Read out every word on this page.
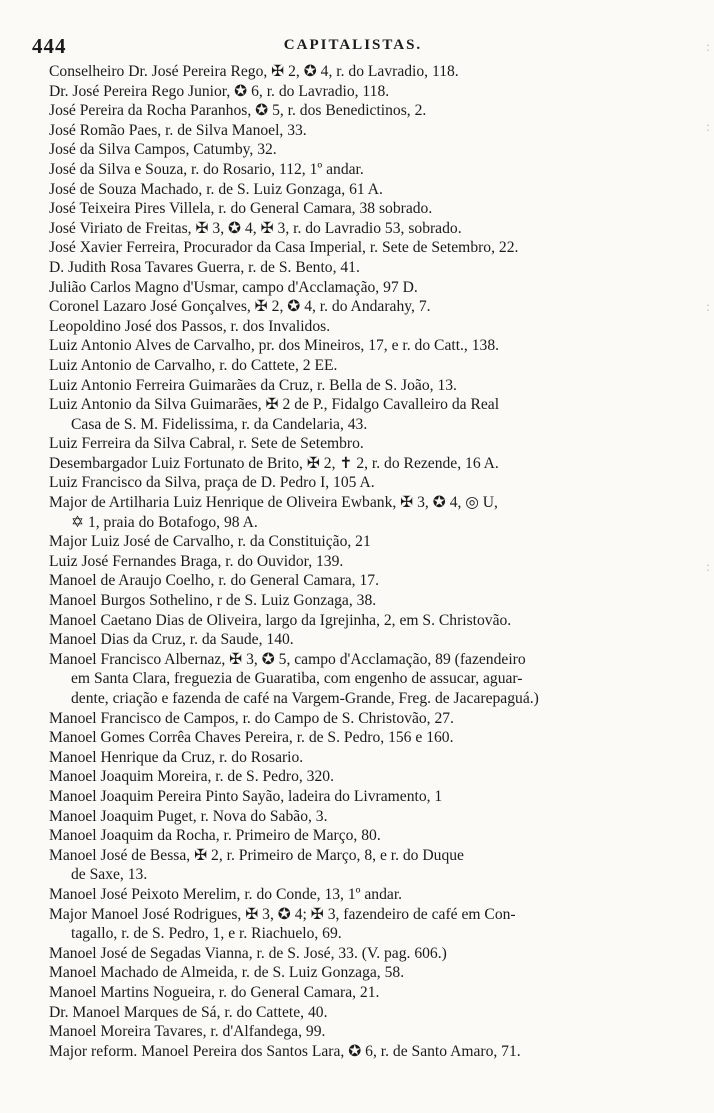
444	CAPITALISTAS.
Conselheiro Dr. José Pereira Rego, ✠ 2, ✪ 4, r. do Lavradio, 118.
Dr. José Pereira Rego Junior, ✪ 6, r. do Lavradio, 118.
José Pereira da Rocha Paranhos, ✪ 5, r. dos Benedictinos, 2.
José Romão Paes, r. de Silva Manoel, 33.
José da Silva Campos, Catumby, 32.
José da Silva e Souza, r. do Rosario, 112, 1º andar.
José de Souza Machado, r. de S. Luiz Gonzaga, 61 A.
José Teixeira Pires Villela, r. do General Camara, 38 sobrado.
José Viriato de Freitas, ✠ 3, ✪ 4, ✠ 3, r. do Lavradio 53, sobrado.
José Xavier Ferreira, Procurador da Casa Imperial, r. Sete de Setembro, 22.
D. Judith Rosa Tavares Guerra, r. de S. Bento, 41.
Julião Carlos Magno d'Usmar, campo d'Acclamação, 97 D.
Coronel Lazaro José Gonçalves, ✠ 2, ✪ 4, r. do Andarahy, 7.
Leopoldino José dos Passos, r. dos Invalidos.
Luiz Antonio Alves de Carvalho, pr. dos Mineiros, 17, e r. do Catt., 138.
Luiz Antonio de Carvalho, r. do Cattete, 2 EE.
Luiz Antonio Ferreira Guimarães da Cruz, r. Bella de S. João, 13.
Luiz Antonio da Silva Guimarães, ✠ 2 de P., Fidalgo Cavalleiro da Real
Casa de S. M. Fidelissima, r. da Candelaria, 43.
Luiz Ferreira da Silva Cabral, r. Sete de Setembro.
Desembargador Luiz Fortunato de Brito, ✠ 2, ✝ 2, r. do Rezende, 16 A.
Luiz Francisco da Silva, praça de D. Pedro I, 105 A.
Major de Artilharia Luiz Henrique de Oliveira Ewbank, ✠ 3, ✪ 4, ◎ U,
✡ 1, praia do Botafogo, 98 A.
Major Luiz José de Carvalho, r. da Constituição, 21
Luiz José Fernandes Braga, r. do Ouvidor, 139.
Manoel de Araujo Coelho, r. do General Camara, 17.
Manoel Burgos Sothelino, r de S. Luiz Gonzaga, 38.
Manoel Caetano Dias de Oliveira, largo da Igrejinha, 2, em S. Christovão.
Manoel Dias da Cruz, r. da Saude, 140.
Manoel Francisco Albernaz, ✠ 3, ✪ 5, campo d'Acclamação, 89 (fazendeiro
em Santa Clara, freguezia de Guaratiba, com engenho de assucar, aguar-
dente, criação e fazenda de café na Vargem-Grande, Freg. de Jacarepaguá.)
Manoel Francisco de Campos, r. do Campo de S. Christovão, 27.
Manoel Gomes Corrêa Chaves Pereira, r. de S. Pedro, 156 e 160.
Manoel Henrique da Cruz, r. do Rosario.
Manoel Joaquim Moreira, r. de S. Pedro, 320.
Manoel Joaquim Pereira Pinto Sayão, ladeira do Livramento, 1
Manoel Joaquim Puget, r. Nova do Sabão, 3.
Manoel Joaquim da Rocha, r. Primeiro de Março, 80.
Manoel José de Bessa, ✠ 2, r. Primeiro de Março, 8, e r. do Duque
de Saxe, 13.
Manoel José Peixoto Merelim, r. do Conde, 13, 1º andar.
Major Manoel José Rodrigues, ✠ 3, ✪ 4; ✠ 3, fazendeiro de café em Con-
tagallo, r. de S. Pedro, 1, e r. Riachuelo, 69.
Manoel José de Segadas Vianna, r. de S. José, 33. (V. pag. 606.)
Manoel Machado de Almeida, r. de S. Luiz Gonzaga, 58.
Manoel Martins Nogueira, r. do General Camara, 21.
Dr. Manoel Marques de Sá, r. do Cattete, 40.
Manoel Moreira Tavares, r. d'Alfandega, 99.
Major reform. Manoel Pereira dos Santos Lara, ✪ 6, r. de Santo Amaro, 71.
:
:
:
:
